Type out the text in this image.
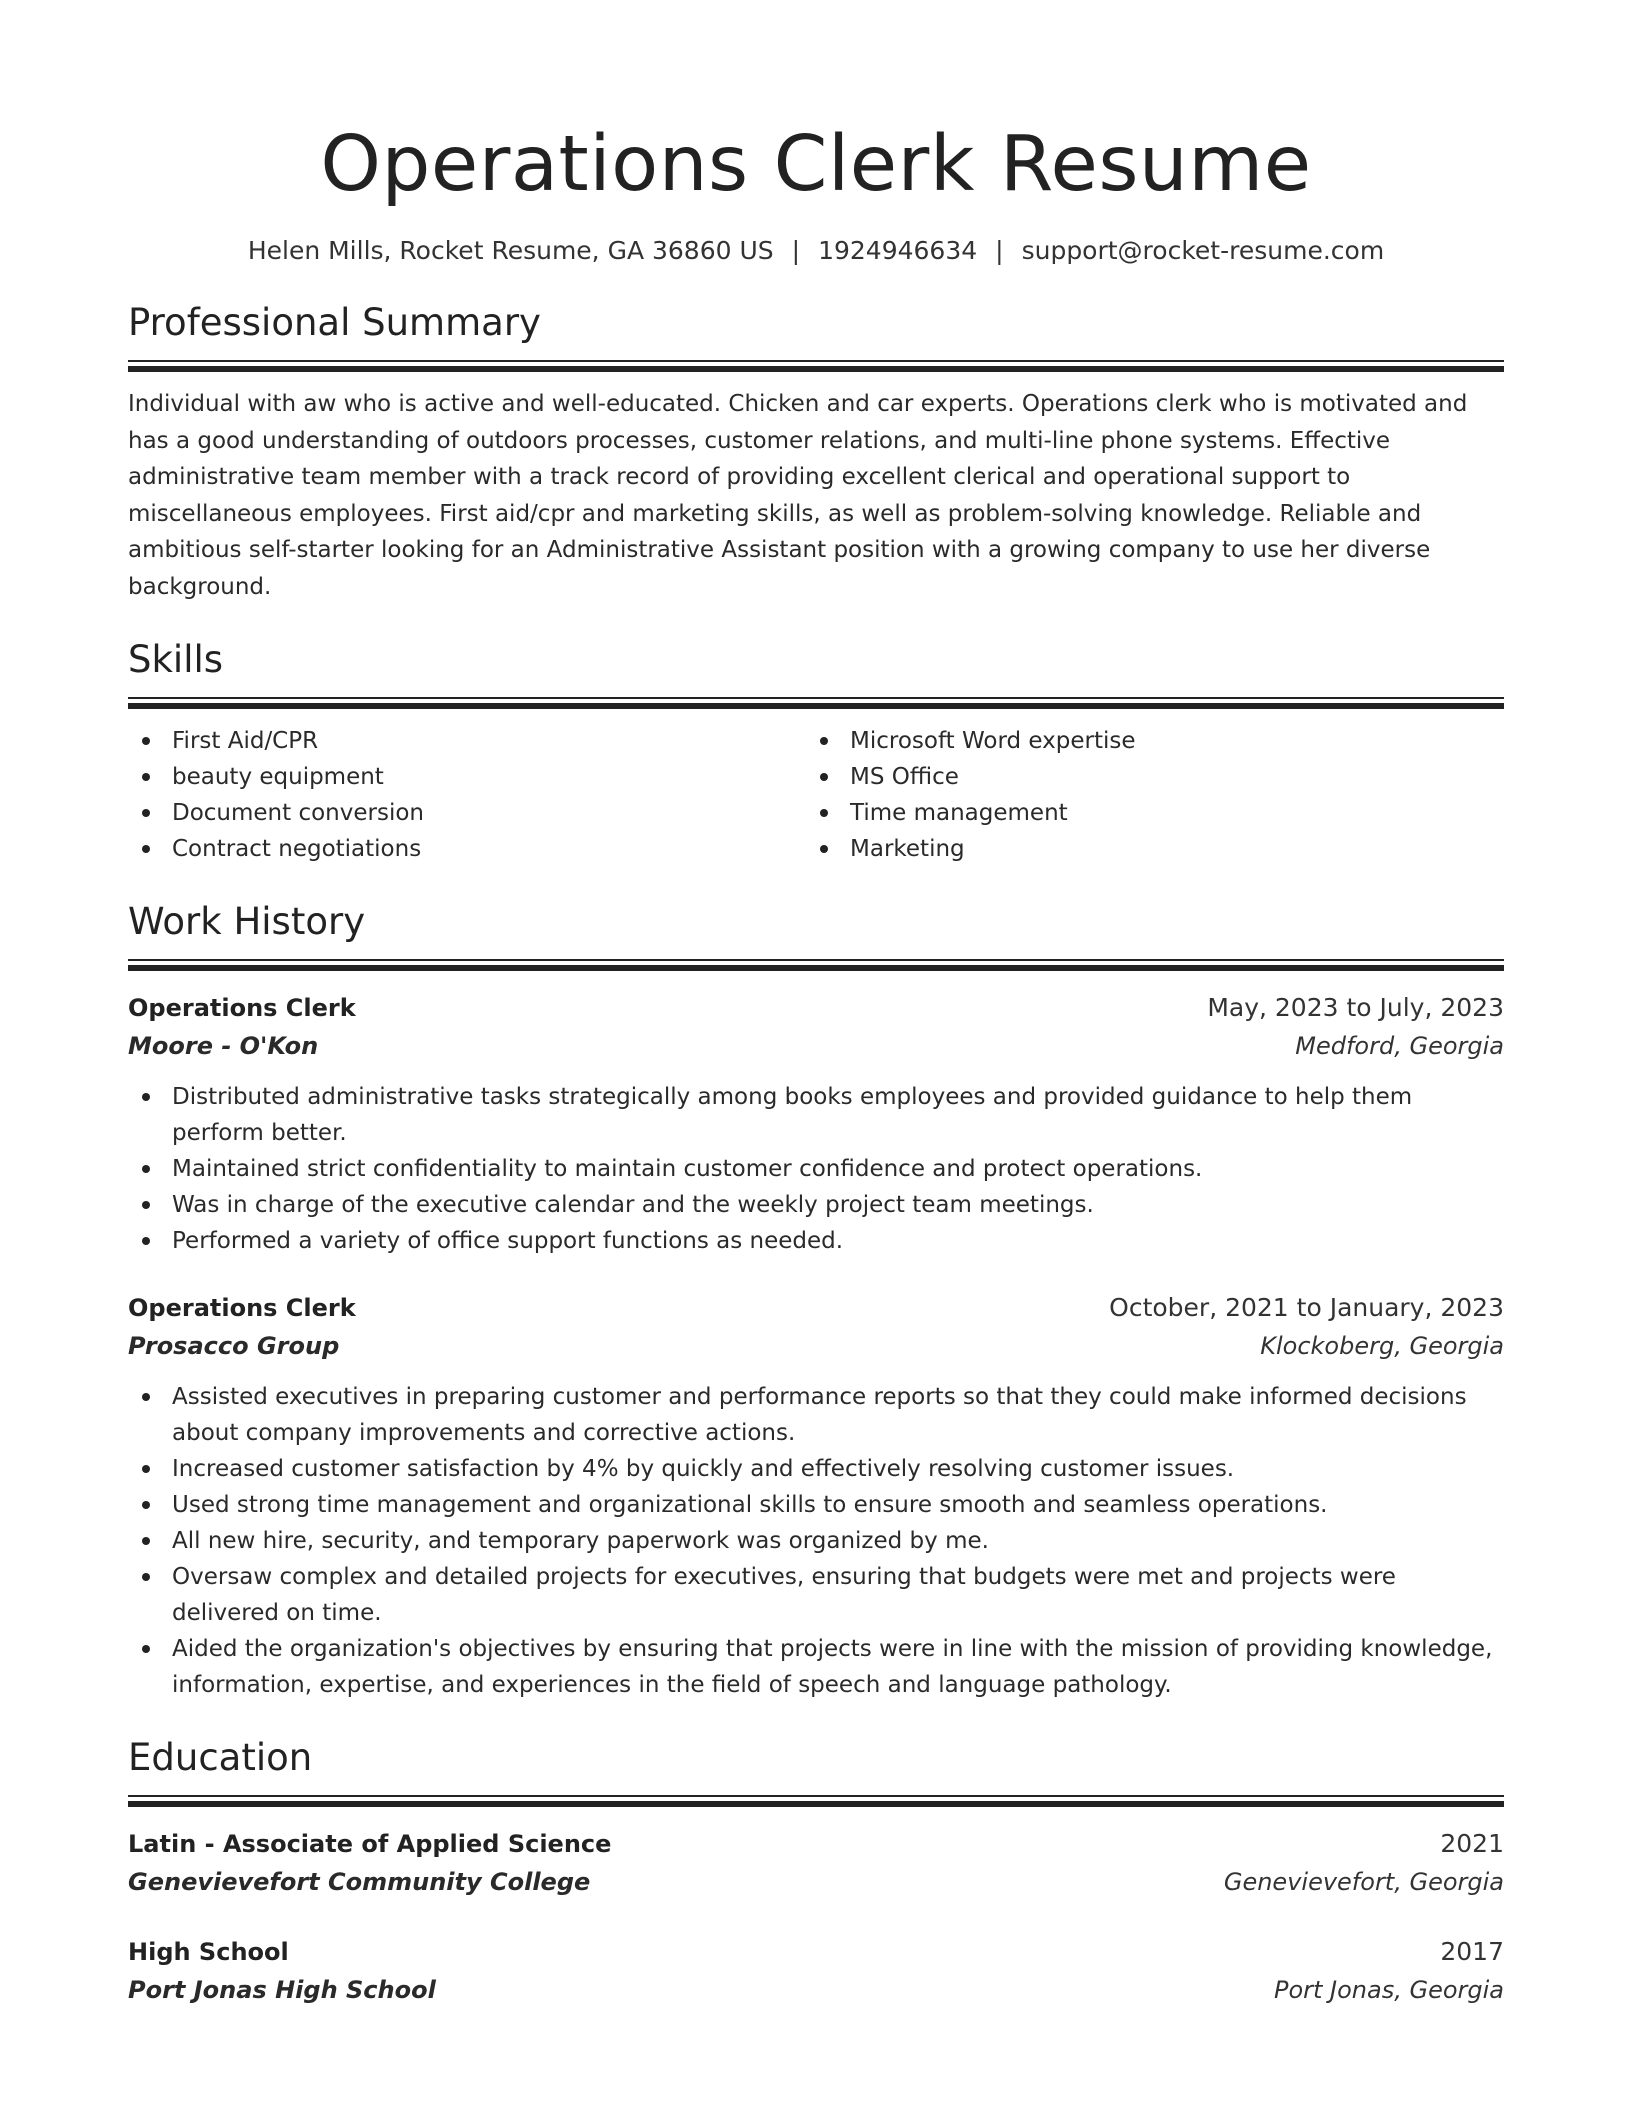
Operations Clerk Resume
Helen Mills, Rocket Resume, GA 36860 US | 1924946634 | support@rocket-resume.com
Professional Summary
Individual with aw who is active and well-educated. Chicken and car experts. Operations clerk who is motivated and has a good understanding of outdoors processes, customer relations, and multi-line phone systems. Effective administrative team member with a track record of providing excellent clerical and operational support to miscellaneous employees. First aid/cpr and marketing skills, as well as problem-solving knowledge. Reliable and ambitious self-starter looking for an Administrative Assistant position with a growing company to use her diverse background.
Skills
First Aid/CPR
beauty equipment
Document conversion
Contract negotiations
Microsoft Word expertise
MS Office
Time management
Marketing
Work History
Operations Clerk	May, 2023 to July, 2023
Moore - O'Kon	Medford, Georgia
Distributed administrative tasks strategically among books employees and provided guidance to help them perform better.
Maintained strict confidentiality to maintain customer confidence and protect operations.
Was in charge of the executive calendar and the weekly project team meetings.
Performed a variety of office support functions as needed.
Operations Clerk	October, 2021 to January, 2023
Prosacco Group	Klockoberg, Georgia
Assisted executives in preparing customer and performance reports so that they could make informed decisions about company improvements and corrective actions.
Increased customer satisfaction by 4% by quickly and effectively resolving customer issues.
Used strong time management and organizational skills to ensure smooth and seamless operations.
All new hire, security, and temporary paperwork was organized by me.
Oversaw complex and detailed projects for executives, ensuring that budgets were met and projects were delivered on time.
Aided the organization's objectives by ensuring that projects were in line with the mission of providing knowledge, information, expertise, and experiences in the field of speech and language pathology.
Education
Latin - Associate of Applied Science	2021
Genevievefort Community College	Genevievefort, Georgia
High School	2017
Port Jonas High School	Port Jonas, Georgia
